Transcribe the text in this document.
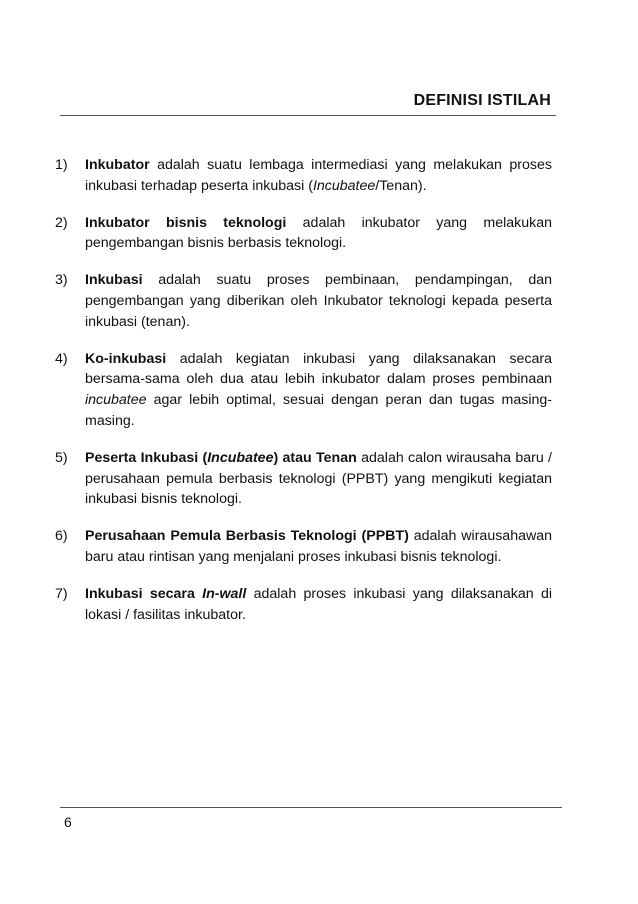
DEFINISI ISTILAH
1) Inkubator adalah suatu lembaga intermediasi yang melakukan proses inkubasi terhadap peserta inkubasi (Incubatee/Tenan).
2) Inkubator bisnis teknologi adalah inkubator yang melakukan pengembangan bisnis berbasis teknologi.
3) Inkubasi adalah suatu proses pembinaan, pendampingan, dan pengembangan yang diberikan oleh Inkubator teknologi kepada peserta inkubasi (tenan).
4) Ko-inkubasi adalah kegiatan inkubasi yang dilaksanakan secara bersama-sama oleh dua atau lebih inkubator dalam proses pembinaan incubatee agar lebih optimal, sesuai dengan peran dan tugas masing-masing.
5) Peserta Inkubasi (Incubatee) atau Tenan adalah calon wirausaha baru / perusahaan pemula berbasis teknologi (PPBT) yang mengikuti kegiatan inkubasi bisnis teknologi.
6) Perusahaan Pemula Berbasis Teknologi (PPBT) adalah wirausahawan baru atau rintisan yang menjalani proses inkubasi bisnis teknologi.
7) Inkubasi secara In-wall adalah proses inkubasi yang dilaksanakan di lokasi / fasilitas inkubator.
6
